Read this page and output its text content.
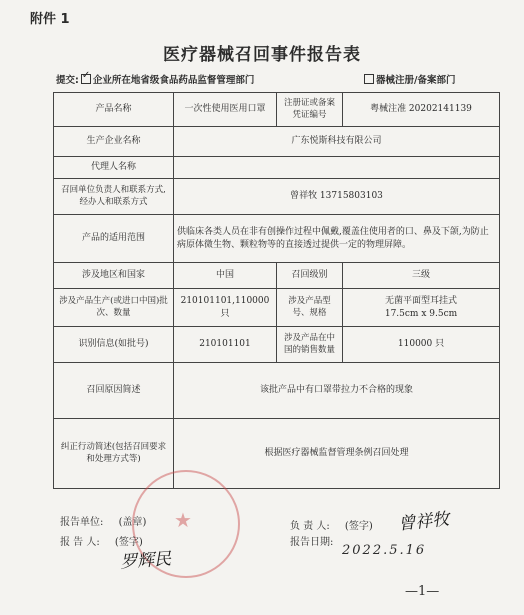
附件 1
医疗器械召回事件报告表
提交: ✓ 企业所在地省级食品药品监督管理部门	器械注册/备案部门
产品名称	一次性使用医用口罩	注册证或备案凭证编号	粤械注准 20202141139
生产企业名称	广东悦斯科技有限公司		
代理人名称			
召回单位负责人和联系方式,经办人和联系方式	曾祥牧 13715803103		
产品的适用范围	供临床各类人员在非有创操作过程中佩戴,覆盖住使用者的口、鼻及下颌,为防止病原体微生物、颗粒物等的直接透过提供一定的物理屏障。		
涉及地区和国家	中国	召回级别	三级
涉及产品生产(或进口中国)批次、数量	210101101,110000 只	涉及产品型号、规格	无菌平面型耳挂式
17.5cm x 9.5cm

识别信息(如批号)	210101101	涉及产品在中国的销售数量	110000 只
召回原因简述	该批产品中有口罩带拉力不合格的现象		
纠正行动简述(包括召回要求和处理方式等)	根据医疗器械监督管理条例召回处理		
★
报告单位: (盖章)
报 告 人: (签字)
罗辉民
负 责 人: (签字) 曾祥牧
报告日期:
2022.5.16
—1—
